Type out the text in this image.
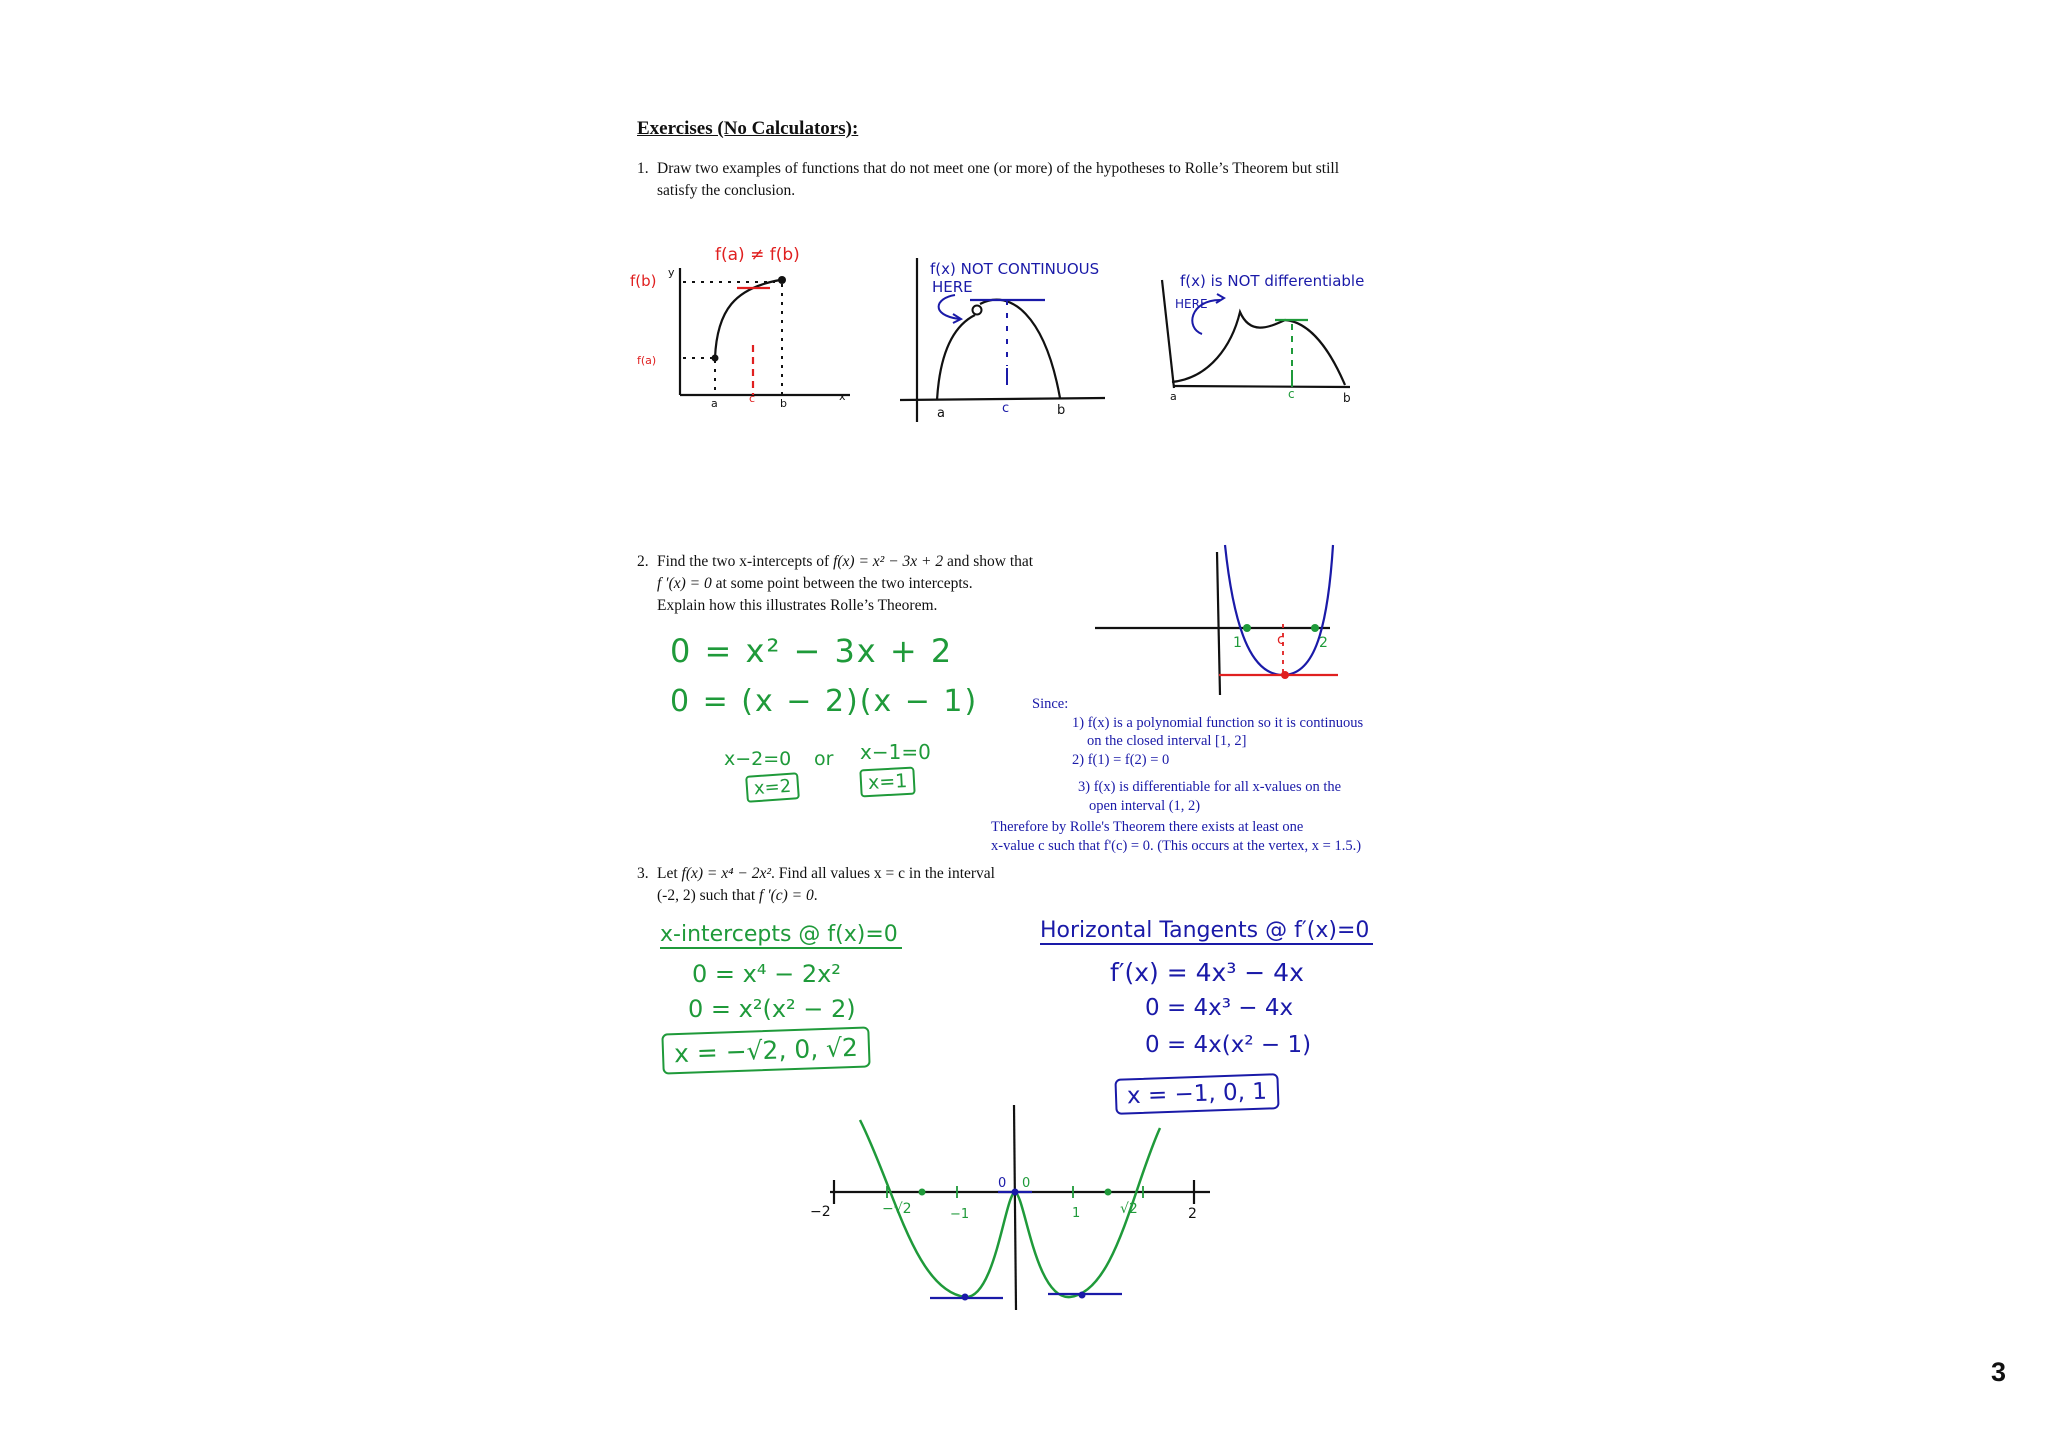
Exercises (No Calculators):
1. Draw two examples of functions that do not meet one (or more) of the hypotheses to Rolle’s Theorem but still satisfy the conclusion.
f(a) ≠ f(b)
f(b) y
f(a)
a	c b
x
f(x) NOT CONTINUOUS
HERE
a	c	b
f(x) is NOT differentiable
HERE
a	c	b
2. Find the two x-intercepts of f(x) = x² − 3x + 2 and show that
f ′(x) = 0 at some point between the two intercepts.
Explain how this illustrates Rolle’s Theorem.
0 = x² − 3x + 2
0 = (x − 2)(x − 1)
x−2=0 or x−1=0
x=2	x=1
1	c 2
Since:
1) f(x) is a polynomial function so it is continuous
on the closed interval [1, 2]
2) f(1) = f(2) = 0
3) f(x) is differentiable for all x-values on the
open interval (1, 2)
Therefore by Rolle's Theorem there exists at least one
x-value c such that f'(c) = 0. (This occurs at the vertex, x = 1.5.)
3. Let f(x) = x⁴ − 2x². Find all values x = c in the interval
(-2, 2) such that f ′(c) = 0.
x-intercepts @ f(x)=0
0 = x⁴ − 2x²
0 = x²(x² − 2)
x = −√2, 0, √2
Horizontal Tangents @ f′(x)=0
f′(x) = 4x³ − 4x
0 = 4x³ − 4x
0 = 4x(x² − 1)
x = −1, 0, 1
−2	−√2	−1
0 0
1	√2	2
3
